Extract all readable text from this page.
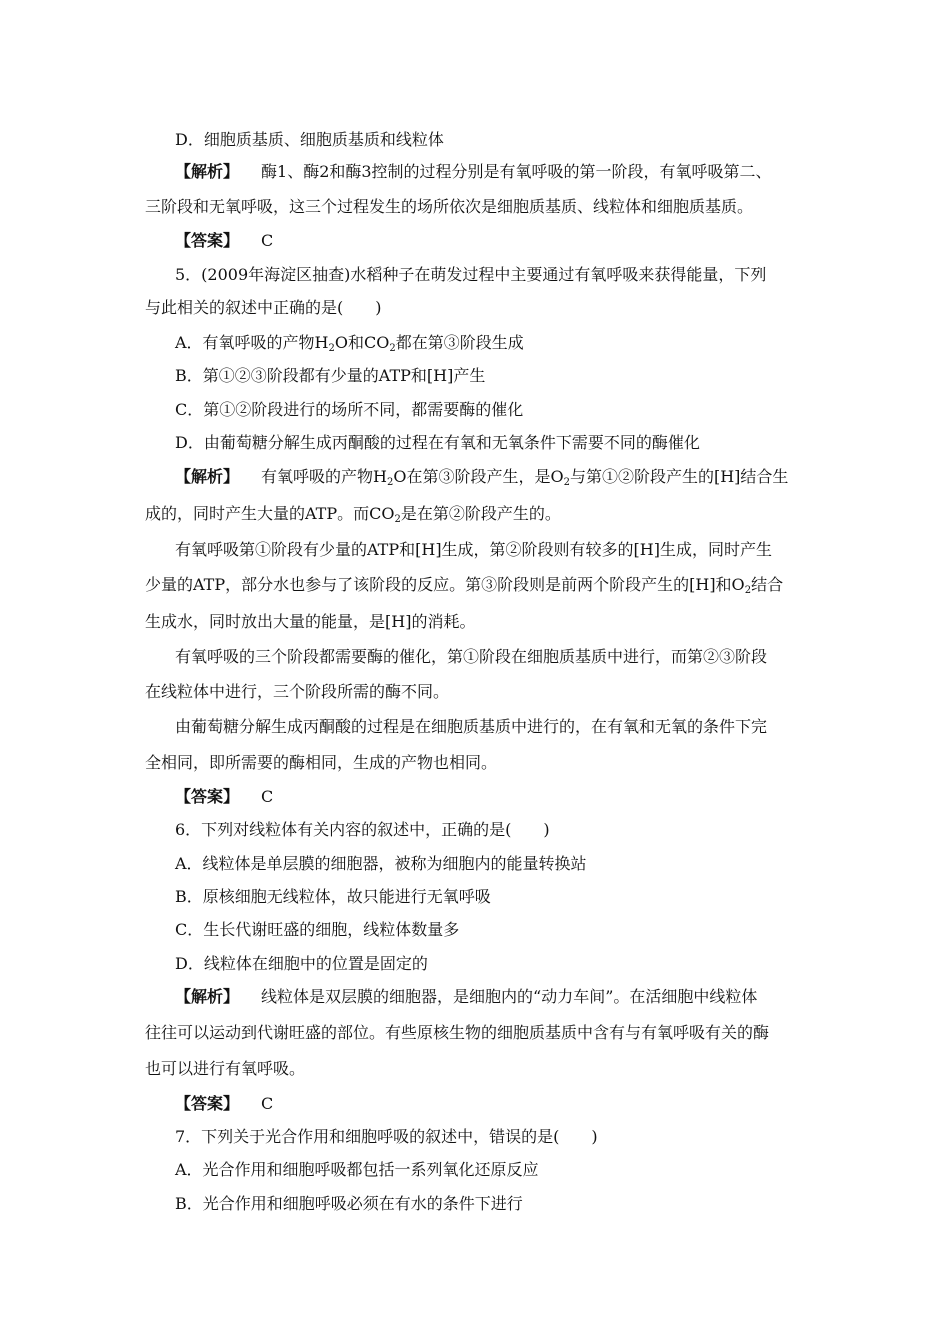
D．细胞质基质、细胞质基质和线粒体
【解析】 酶1、酶2和酶3控制的过程分别是有氧呼吸的第一阶段，有氧呼吸第二、
三阶段和无氧呼吸，这三个过程发生的场所依次是细胞质基质、线粒体和细胞质基质。
【答案】 C
5．(2009年海淀区抽查)水稻种子在萌发过程中主要通过有氧呼吸来获得能量，下列
与此相关的叙述中正确的是(　　)
A．有氧呼吸的产物$H_2O$和$CO_2$都在第③阶段生成
B．第①②③阶段都有少量的ATP和[H]产生
C．第①②阶段进行的场所不同，都需要酶的催化
D．由葡萄糖分解生成丙酮酸的过程在有氧和无氧条件下需要不同的酶催化
【解析】 有氧呼吸的产物$H_2O$在第③阶段产生，是$O_2$与第①②阶段产生的[H]结合生
成的，同时产生大量的ATP。而$CO_2$是在第②阶段产生的。
有氧呼吸第①阶段有少量的ATP和[H]生成，第②阶段则有较多的[H]生成，同时产生
少量的ATP，部分水也参与了该阶段的反应。第③阶段则是前两个阶段产生的[H]和$O_2$结合
生成水，同时放出大量的能量，是[H]的消耗。
有氧呼吸的三个阶段都需要酶的催化，第①阶段在细胞质基质中进行，而第②③阶段
在线粒体中进行，三个阶段所需的酶不同。
由葡萄糖分解生成丙酮酸的过程是在细胞质基质中进行的，在有氧和无氧的条件下完
全相同，即所需要的酶相同，生成的产物也相同。
【答案】 C
6．下列对线粒体有关内容的叙述中，正确的是(　　)
A．线粒体是单层膜的细胞器，被称为细胞内的能量转换站
B．原核细胞无线粒体，故只能进行无氧呼吸
C．生长代谢旺盛的细胞，线粒体数量多
D．线粒体在细胞中的位置是固定的
【解析】 线粒体是双层膜的细胞器，是细胞内的“动力车间”。在活细胞中线粒体
往往可以运动到代谢旺盛的部位。有些原核生物的细胞质基质中含有与有氧呼吸有关的酶
也可以进行有氧呼吸。
【答案】 C
7．下列关于光合作用和细胞呼吸的叙述中，错误的是(　　)
A．光合作用和细胞呼吸都包括一系列氧化还原反应
B．光合作用和细胞呼吸必须在有水的条件下进行
